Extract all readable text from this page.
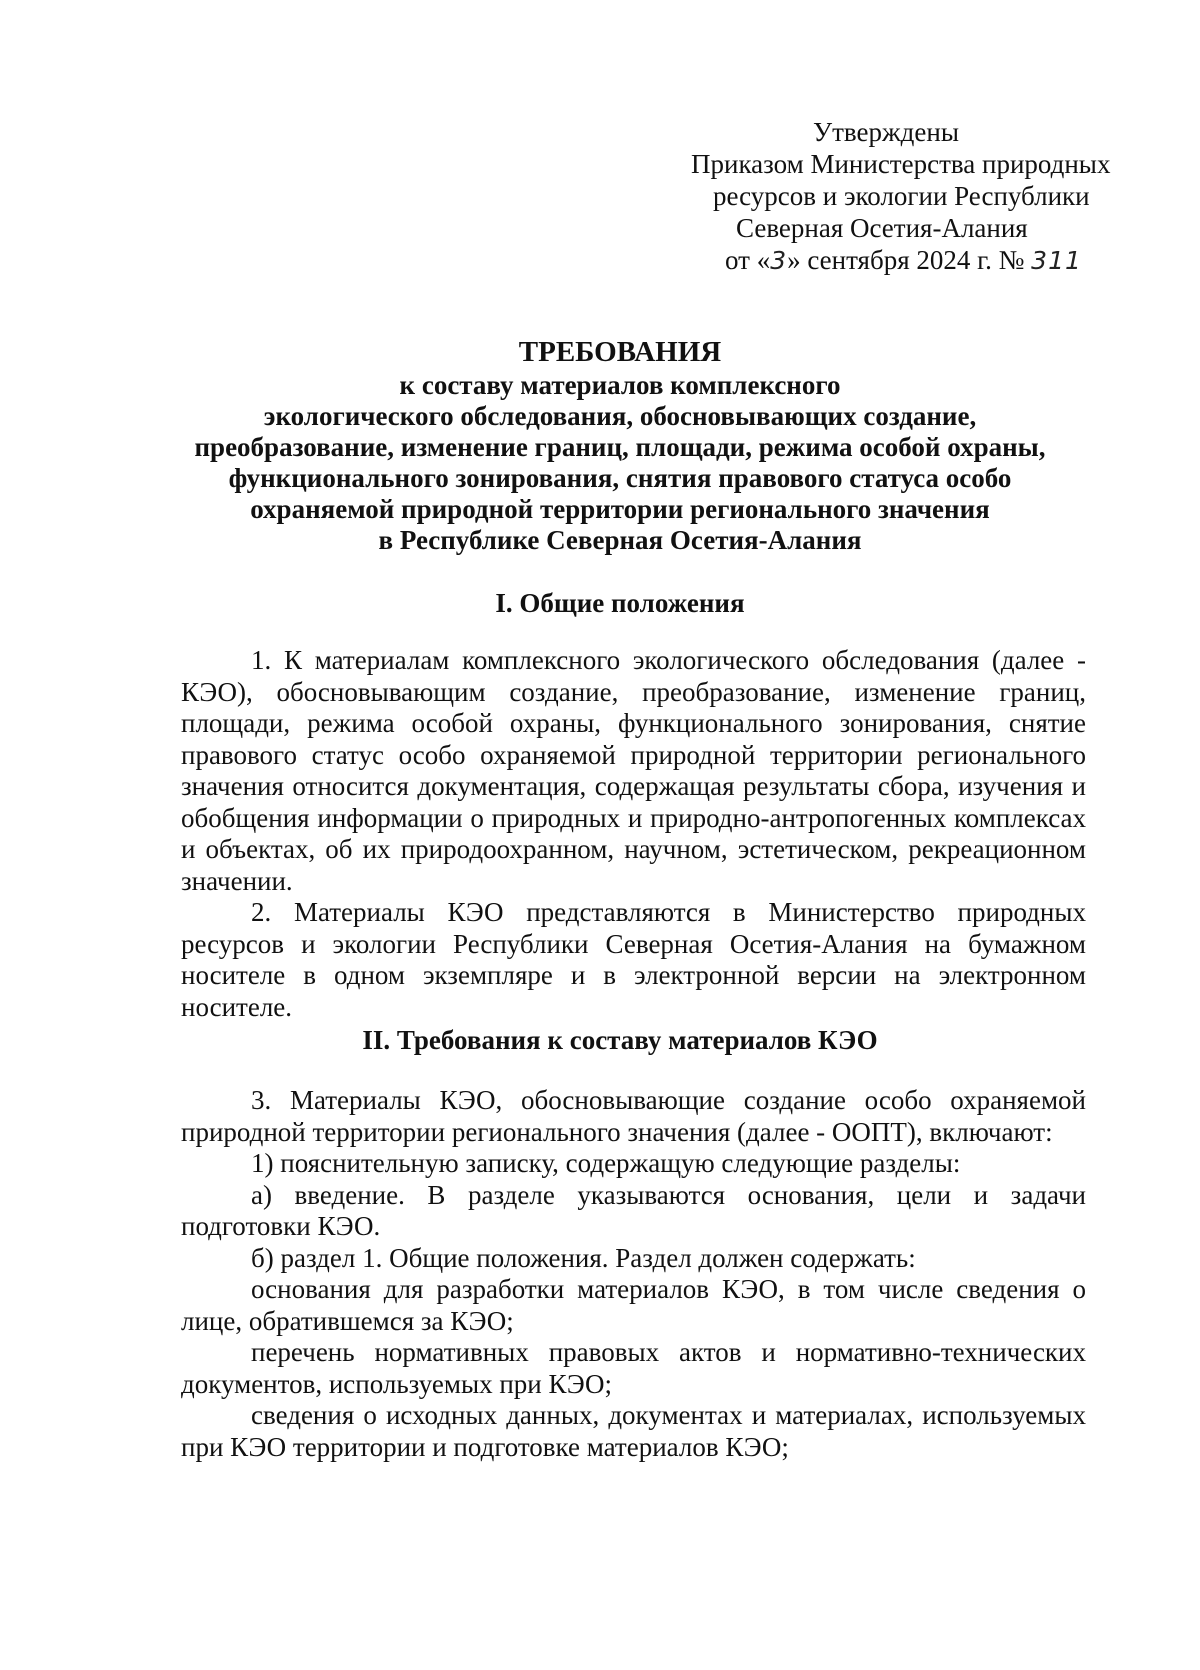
Утверждены
Приказом Министерства природных
ресурсов и экологии Республики
Северная Осетия-Алания
от «3» сентября 2024 г. № 311
ТРЕБОВАНИЯ
к составу материалов комплексного
экологического обследования, обосновывающих создание,
преобразование, изменение границ, площади, режима особой охраны,
функционального зонирования, снятия правового статуса особо
охраняемой природной территории регионального значения
в Республике Северная Осетия-Алания
I. Общие положения

1. К материалам комплексного экологического обследования (далее - КЭО), обосновывающим создание, преобразование, изменение границ, площади, режима особой охраны, функционального зонирования, снятие правового статус особо охраняемой природной территории регионального значения относится документация, содержащая результаты сбора, изучения и обобщения информации о природных и природно-антропогенных комплексах и объектах, об их природоохранном, научном, эстетическом, рекреационном значении.

2. Материалы КЭО представляются в Министерство природных ресурсов и экологии Республики Северная Осетия-Алания на бумажном носителе в одном экземпляре и в электронной версии на электронном носителе.

II. Требования к составу материалов КЭО

3. Материалы КЭО, обосновывающие создание особо охраняемой природной территории регионального значения (далее - ООПТ), включают:

1) пояснительную записку, содержащую следующие разделы:

а) введение. В разделе указываются основания, цели и задачи подготовки КЭО.

б) раздел 1. Общие положения. Раздел должен содержать:

основания для разработки материалов КЭО, в том числе сведения о лице, обратившемся за КЭО;

перечень нормативных правовых актов и нормативно-технических документов, используемых при КЭО;

сведения о исходных данных, документах и материалах, используемых при КЭО территории и подготовке материалов КЭО;
